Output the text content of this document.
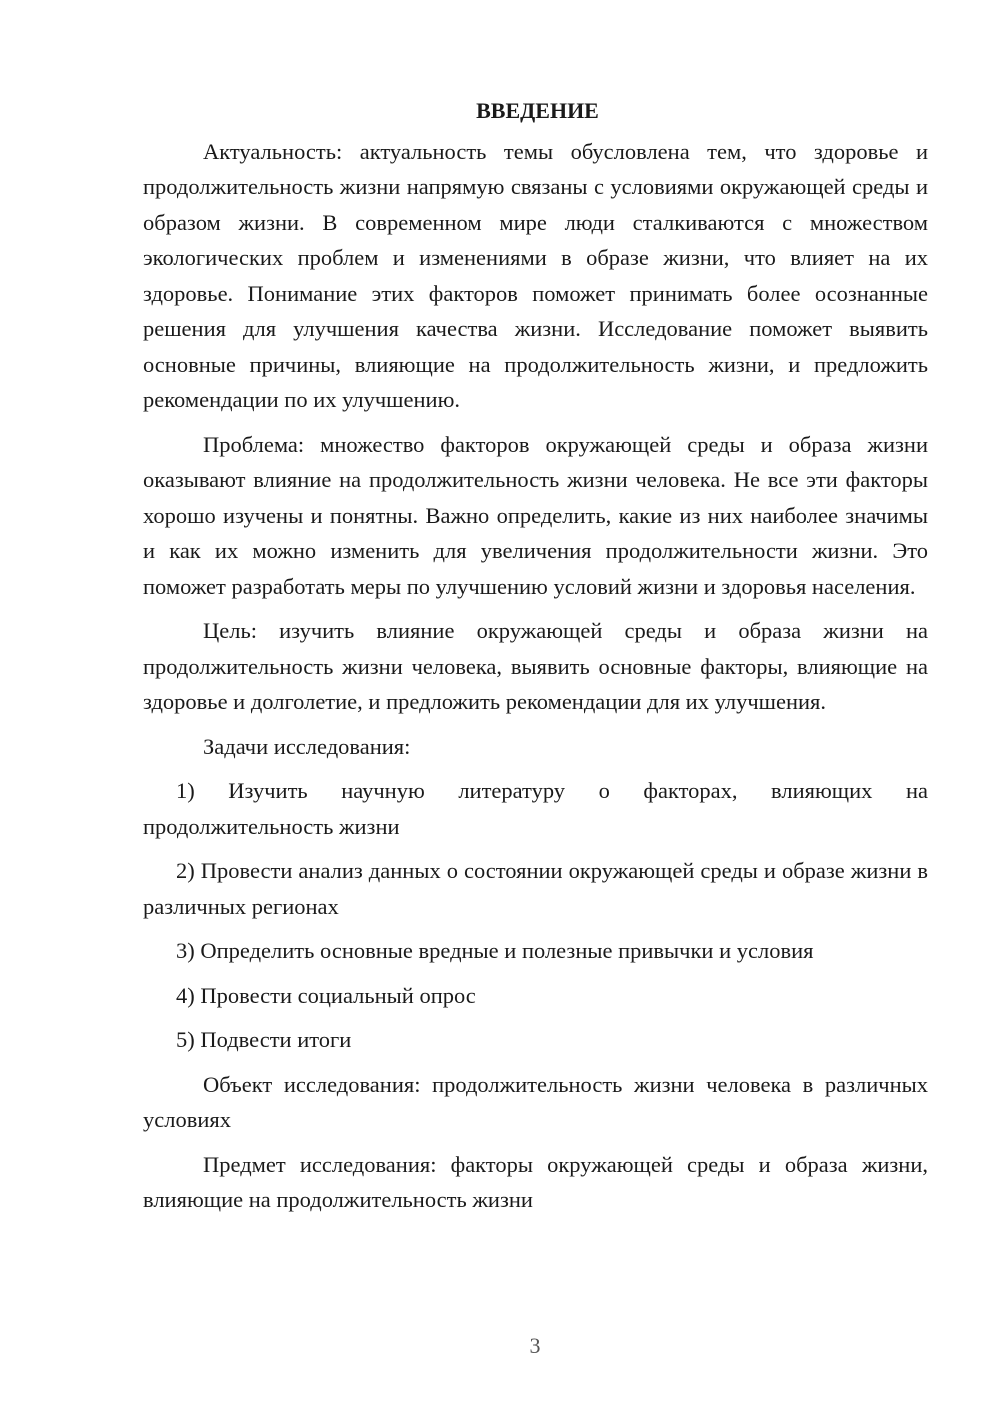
ВВЕДЕНИЕ

Актуальность: актуальность темы обусловлена тем, что здоровье и продолжительность жизни напрямую связаны с условиями окружающей среды и образом жизни. В современном мире люди сталкиваются с множеством экологических проблем и изменениями в образе жизни, что влияет на их здоровье. Понимание этих факторов поможет принимать более осознанные решения для улучшения качества жизни. Исследование поможет выявить основные причины, влияющие на продолжительность жизни, и предложить рекомендации по их улучшению.

Проблема: множество факторов окружающей среды и образа жизни оказывают влияние на продолжительность жизни человека. Не все эти факторы хорошо изучены и понятны. Важно определить, какие из них наиболее значимы и как их можно изменить для увеличения продолжительности жизни. Это поможет разработать меры по улучшению условий жизни и здоровья населения.

Цель: изучить влияние окружающей среды и образа жизни на продолжительность жизни человека, выявить основные факторы, влияющие на здоровье и долголетие, и предложить рекомендации для их улучшения.

Задачи исследования:

1) Изучить научную литературу о факторах, влияющих на продолжительность жизни

2) Провести анализ данных о состоянии окружающей среды и образе жизни в различных регионах

3) Определить основные вредные и полезные привычки и условия

4) Провести социальный опрос

5) Подвести итоги

Объект исследования: продолжительность жизни человека в различных условиях

Предмет исследования: факторы окружающей среды и образа жизни, влияющие на продолжительность жизни

3
